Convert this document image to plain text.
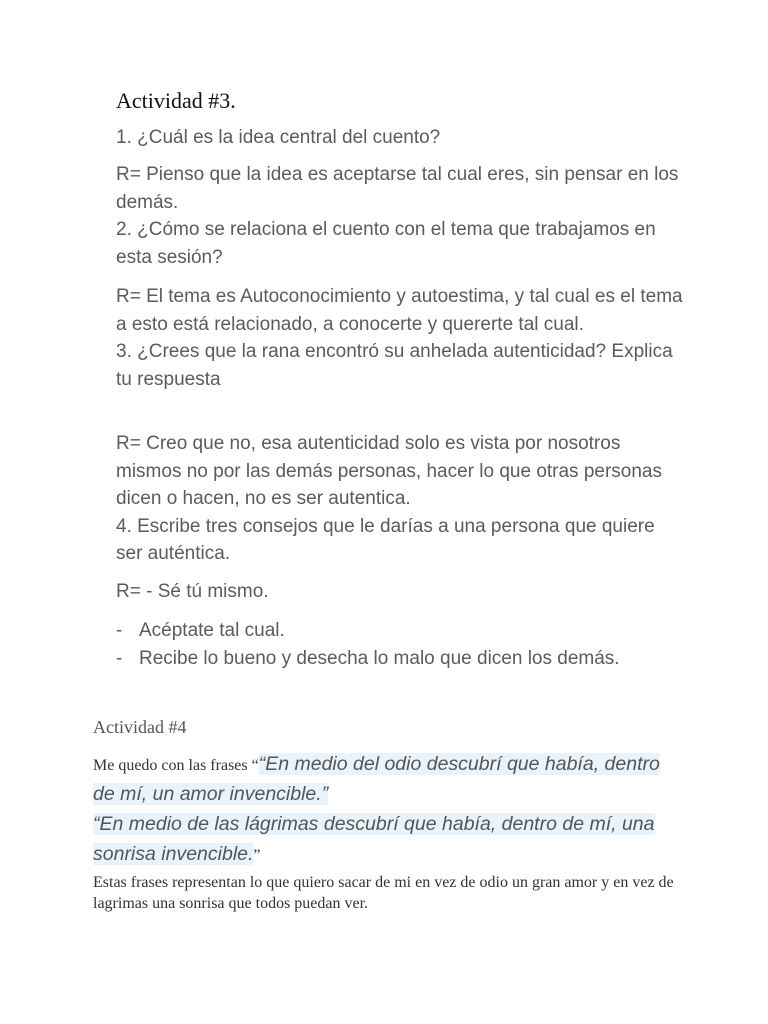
Actividad #3.

1. ¿Cuál es la idea central del cuento?

R= Pienso que la idea es aceptarse tal cual eres, sin pensar en los demás.
2. ¿Cómo se relaciona el cuento con el tema que trabajamos en esta sesión?
R= El tema es Autoconocimiento y autoestima, y tal cual es el tema a esto está relacionado, a conocerte y quererte tal cual.
3. ¿Crees que la rana encontró su anhelada autenticidad? Explica tu respuesta
R= Creo que no, esa autenticidad solo es vista por nosotros mismos no por las demás personas, hacer lo que otras personas dicen o hacen, no es ser autentica.
4. Escribe tres consejos que le darías a una persona que quiere ser auténtica.

R= - Sé tú mismo.

- Acéptate tal cual.
- Recibe lo bueno y desecha lo malo que dicen los demás.
Actividad #4
Me quedo con las frases ““En medio del odio descubrí que había, dentro de mí, un amor invencible.”
“En medio de las lágrimas descubrí que había, dentro de mí, una sonrisa invencible.”

Estas frases representan lo que quiero sacar de mi en vez de odio un gran amor y en vez de lagrimas una sonrisa que todos puedan ver.
